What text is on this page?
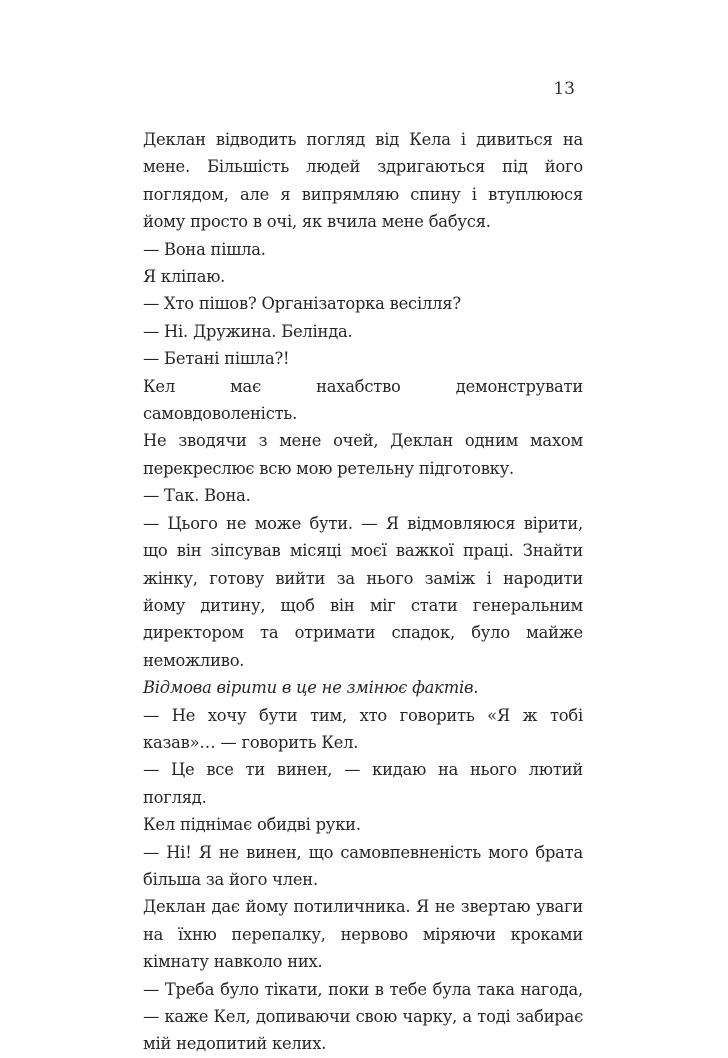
13

Деклан відводить погляд від Кела і дивиться на мене. Більшість людей здригаються під його поглядом, але я випрямляю спину і втуплююся йому просто в очі, як вчила мене бабуся.

— Вона пішла.

Я кліпаю.

— Хто пішов? Організаторка весілля?

— Ні. Дружина. Белінда.

— Бетані пішла?!

Кел має нахабство демонструвати самовдоволеність.

Не зводячи з мене очей, Деклан одним махом перекреслює всю мою ретельну підготовку.

— Так. Вона.

— Цього не може бути. — Я відмовляюся вірити, що він зіпсував місяці моєї важкої праці. Знайти жінку, готову вийти за нього заміж і народити йому дитину, щоб він міг стати генеральним директором та отримати спадок, було майже неможливо.

Відмова вірити в це не змінює фактів.

— Не хочу бути тим, хто говорить «Я ж тобі казав»… — говорить Кел.

— Це все ти винен, — кидаю на нього лютий погляд.

Кел піднімає обидві руки.

— Ні! Я не винен, що самовпевненість мого брата більша за його член.

Деклан дає йому потиличника. Я не звертаю уваги на їхню перепалку, нервово міряючи кроками кімнату навколо них.

— Треба було тікати, поки в тебе була така нагода, — каже Кел, допиваючи свою чарку, а тоді забирає мій недопитий келих.
